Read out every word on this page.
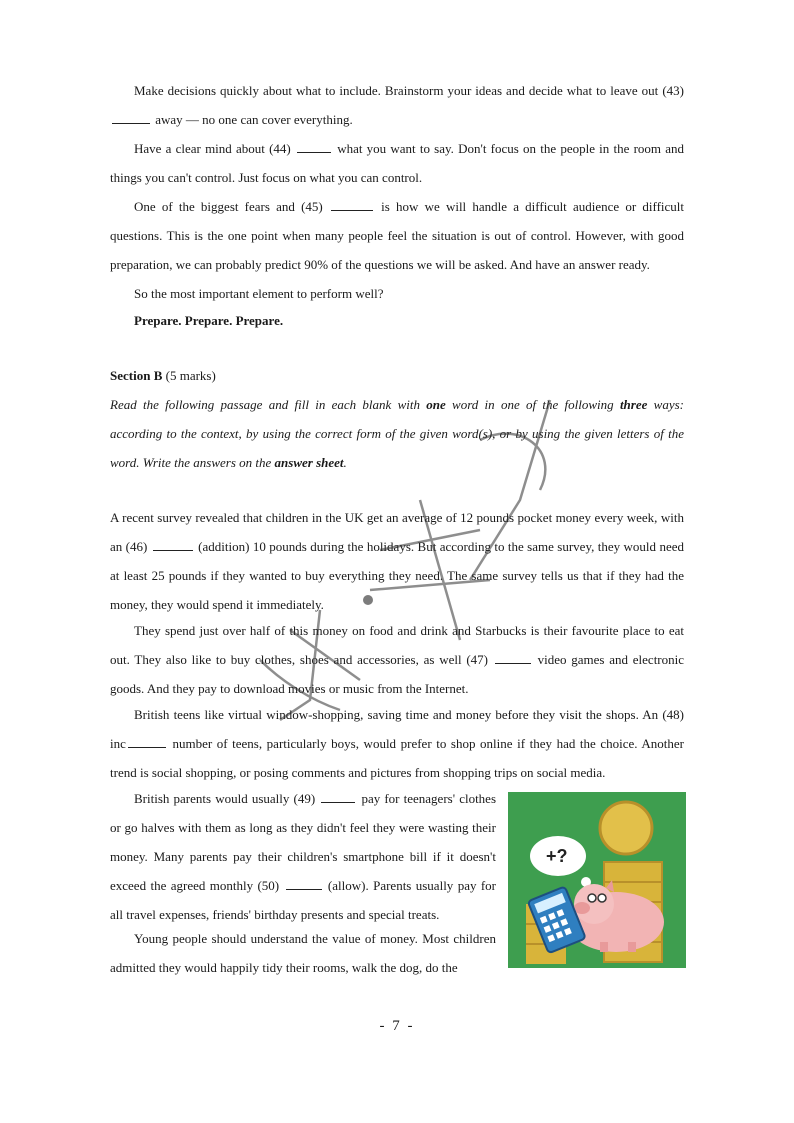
Make decisions quickly about what to include. Brainstorm your ideas and decide what to leave out (43)  away — no one can cover everything.
Have a clear mind about (44)	what you want to say. Don't focus on the people in the room and things you can't control. Just focus on what you can control.
One of the biggest fears and (45)	is how we will handle a difficult audience or difficult questions. This is the one point when many people feel the situation is out of control. However, with good preparation, we can probably predict 90% of the questions we will be asked. And have an answer ready.
So the most important element to perform well?
Prepare. Prepare. Prepare.
Section B (5 marks)
Read the following passage and fill in each blank with one word in one of the following three ways: according to the context, by using the correct form of the given word(s), or by using the given letters of the word. Write the answers on the answer sheet.
A recent survey revealed that children in the UK get an average of 12 pounds pocket money every week, with an (46)	(addition) 10 pounds during the holidays. But according to the same survey, they would need at least 25 pounds if they wanted to buy everything they need. The same survey tells us that if they had the money, they would spend it immediately.
They spend just over half of this money on food and drink and Starbucks is their favourite place to eat out. They also like to buy clothes, shoes and accessories, as well (47)	video games and electronic goods. And they pay to download movies or music from the Internet.
British teens like virtual window-shopping, saving time and money before they visit the shops. An (48) inc	number of teens, particularly boys, would prefer to shop online if they had the choice. Another trend is social shopping, or posing comments and pictures from shopping trips on social media.
British parents would usually (49)	pay for teenagers' clothes or go halves with them as long as they didn't feel they were wasting their money. Many parents pay their children's smartphone bill if it doesn't exceed the agreed monthly (50)	(allow). Parents usually pay for all travel expenses, friends' birthday presents and special treats.
Young people should understand the value of money. Most children admitted they would happily tidy their rooms, walk the dog, do the
+?
- 7 -
